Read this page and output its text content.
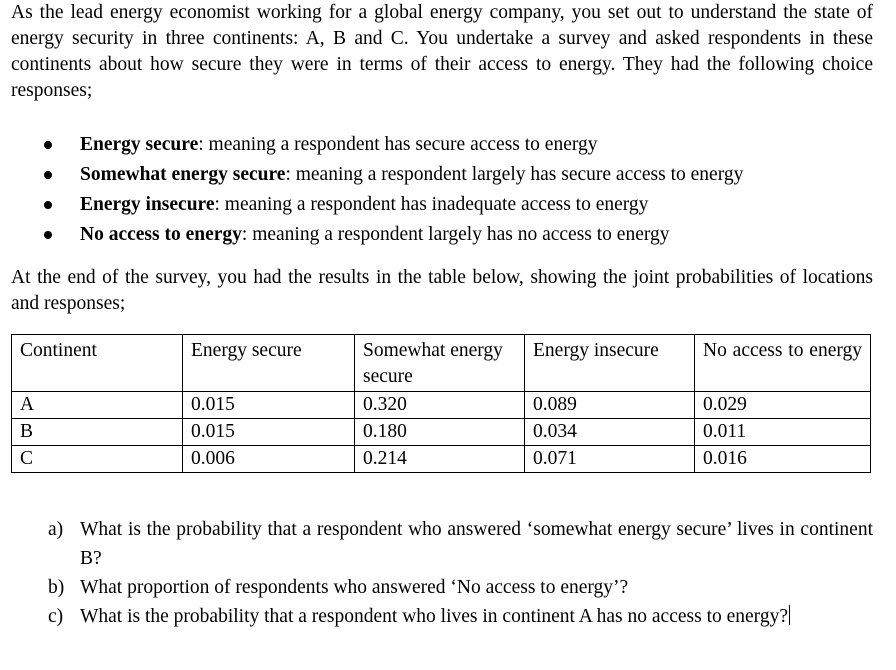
As the lead energy economist working for a global energy company, you set out to understand the state of energy security in three continents: A, B and C. You undertake a survey and asked respondents in these continents about how secure they were in terms of their access to energy. They had the following choice responses;

Energy secure: meaning a respondent has secure access to energy
Somewhat energy secure: meaning a respondent largely has secure access to energy
Energy insecure: meaning a respondent has inadequate access to energy
No access to energy: meaning a respondent largely has no access to energy

At the end of the survey, you had the results in the table below, showing the joint probabilities of locations and responses;

Continent	Energy secure	Somewhat energy secure	Energy insecure	No access to energy
A	0.015	0.320	0.089	0.029
B	0.015	0.180	0.034	0.011
C	0.006	0.214	0.071	0.016
a) What is the probability that a respondent who answered ‘somewhat energy secure’ lives in continent B?
b) What proportion of respondents who answered ‘No access to energy’?
c) What is the probability that a respondent who lives in continent A has no access to energy?
